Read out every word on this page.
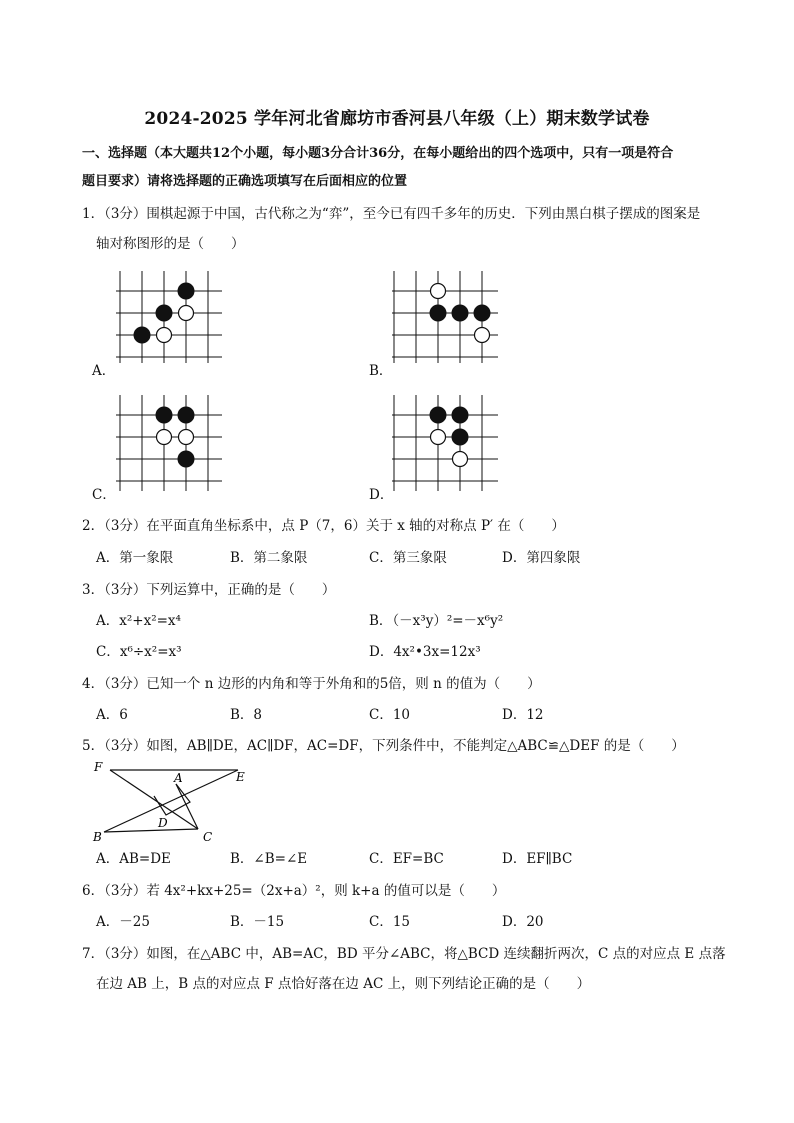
2024-2025 学年河北省廊坊市香河县八年级（上）期末数学试卷
一、选择题（本大题共12个小题，每小题3分合计36分，在每小题给出的四个选项中，只有一项是符合
题目要求）请将选择题的正确选项填写在后面相应的位置
1．（3分）围棋起源于中国，古代称之为“弈”，至今已有四千多年的历史．下列由黑白棋子摆成的图案是
轴对称图形的是（　　）
A．	B．
C．	D．
2．（3分）在平面直角坐标系中，点 P（7，6）关于 x 轴的对称点 P′ 在（　　）
A．第一象限	B．第二象限	C．第三象限	D．第四象限
3．（3分）下列运算中，正确的是（　　）
A．x²+x²=x⁴	B．（－x³y）²=－x⁶y²
C．x⁶÷x²=x³	D．4x²•3x=12x³
4．（3分）已知一个 n 边形的内角和等于外角和的5倍，则 n 的值为（　　）
A．6	B．8	C．10	D．12
5．（3分）如图，AB∥DE，AC∥DF，AC=DF，下列条件中，不能判定△ABC≌△DEF 的是（　　）
F
A	E
D
B	C
A．AB=DE	B．∠B=∠E	C．EF=BC	D．EF∥BC
6．（3分）若 4x²+kx+25=（2x+a）²，则 k+a 的值可以是（　　）
A．－25	B．－15	C．15	D．20
7．（3分）如图，在△ABC 中，AB=AC，BD 平分∠ABC，将△BCD 连续翻折两次，C 点的对应点 E 点落
在边 AB 上，B 点的对应点 F 点恰好落在边 AC 上，则下列结论正确的是（　　）
